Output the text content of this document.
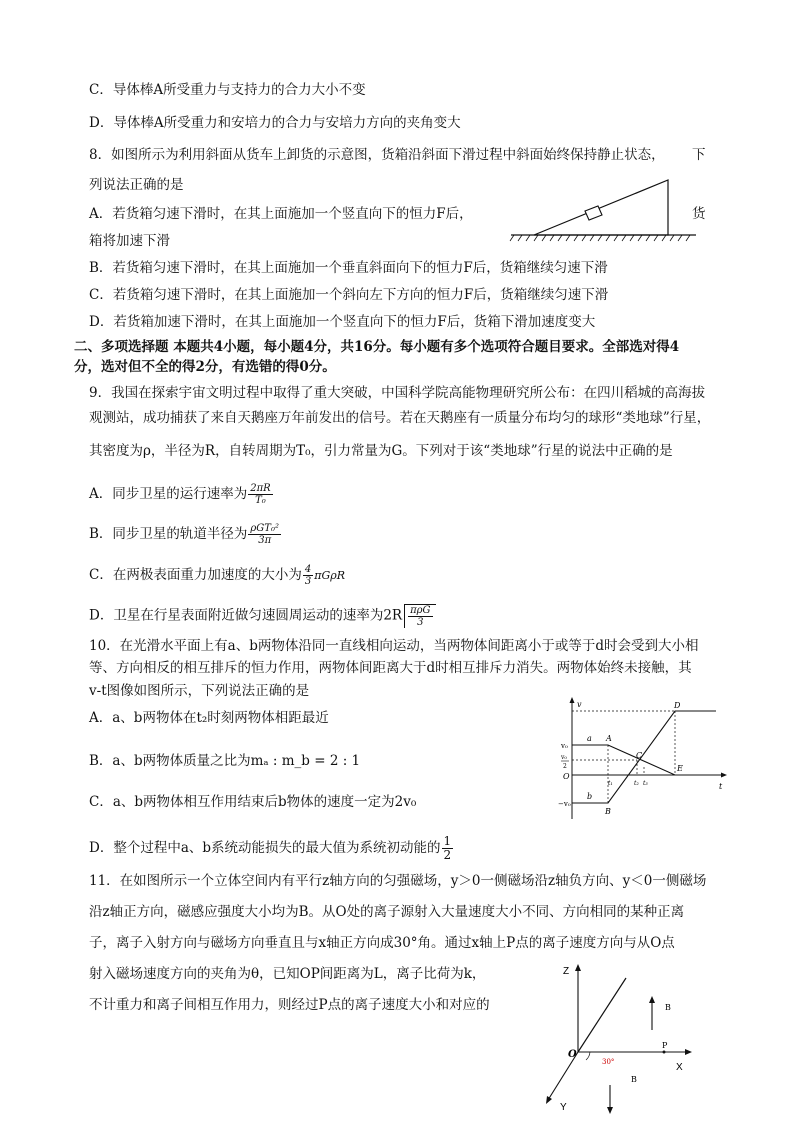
C．导体棒A所受重力与支持力的合力大小不变
D．导体棒A所受重力和安培力的合力与安培力方向的夹角变大
8．如图所示为利用斜面从货车上卸货的示意图，货箱沿斜面下滑过程中斜面始终保持静止状态， 下
列说法正确的是
A．若货箱匀速下滑时，在其上面施加一个竖直向下的恒力F后，	货
箱将加速下滑
B．若货箱匀速下滑时，在其上面施加一个垂直斜面向下的恒力F后，货箱继续匀速下滑
C．若货箱匀速下滑时，在其上面施加一个斜向左下方向的恒力F后，货箱继续匀速下滑
D．若货箱加速下滑时，在其上面施加一个竖直向下的恒力F后，货箱下滑加速度变大
二、多项选择题 本题共4小题，每小题4分，共16分。每小题有多个选项符合题目要求。全部选对得4
分，选对但不全的得2分，有选错的得0分。
9．我国在探索宇宙文明过程中取得了重大突破，中国科学院高能物理研究所公布：在四川稻城的高海拔
观测站，成功捕获了来自天鹅座万年前发出的信号。若在天鹅座有一质量分布均匀的球形“类地球”行星，
其密度为ρ，半径为R，自转周期为T₀，引力常量为G。下列对于该“类地球”行星的说法中正确的是
A．同步卫星的运行速率为 $\frac{2\pi R}{\text{T₀}}$
B．同步卫星的轨道半径为 $\frac{\text{ρGT₀²}}{3\pi}$
C．在两极表面重力加速度的大小为 $\frac{4}{3}$ πGρR
D．卫星在行星表面附近做匀速圆周运动的速率为$2R \frac{\text{πρG}}{3}$
10．在光滑水平面上有a、b两物体沿同一直线相向运动，当两物体间距离小于或等于d时会受到大小相
等、方向相反的相互排斥的恒力作用，两物体间距离大于d时相互排斥力消失。两物体始终未接触，其
v-t图像如图所示，下列说法正确的是
A．a、b两物体在t₂时刻两物体相距最近
B．a、b两物体质量之比为mₐ : m_b = 2 : 1
C．a、b两物体相互作用结束后b物体的速度一定为2v₀
D．整个过程中a、b系统动能损失的最大值为系统初动能的 $\frac{1}{2}$
v
t
v₀
v₀
2
O
−v₀
A
B
C
D
E
a
b
t₁	t₂ t₃
11．在如图所示一个立体空间内有平行z轴方向的匀强磁场，y＞0一侧磁场沿z轴负方向、y＜0一侧磁场
沿z轴正方向，磁感应强度大小均为B。从O处的离子源射入大量速度大小不同、方向相同的某种正离
子，离子入射方向与磁场方向垂直且与x轴正方向成30°角。通过x轴上P点的离子速度方向与从O点
射入磁场速度方向的夹角为θ，已知OP间距离为L，离子比荷为k，
不计重力和离子间相互作用力，则经过P点的离子速度大小和对应的
Z
X
Y
O
30°
P
B
B
